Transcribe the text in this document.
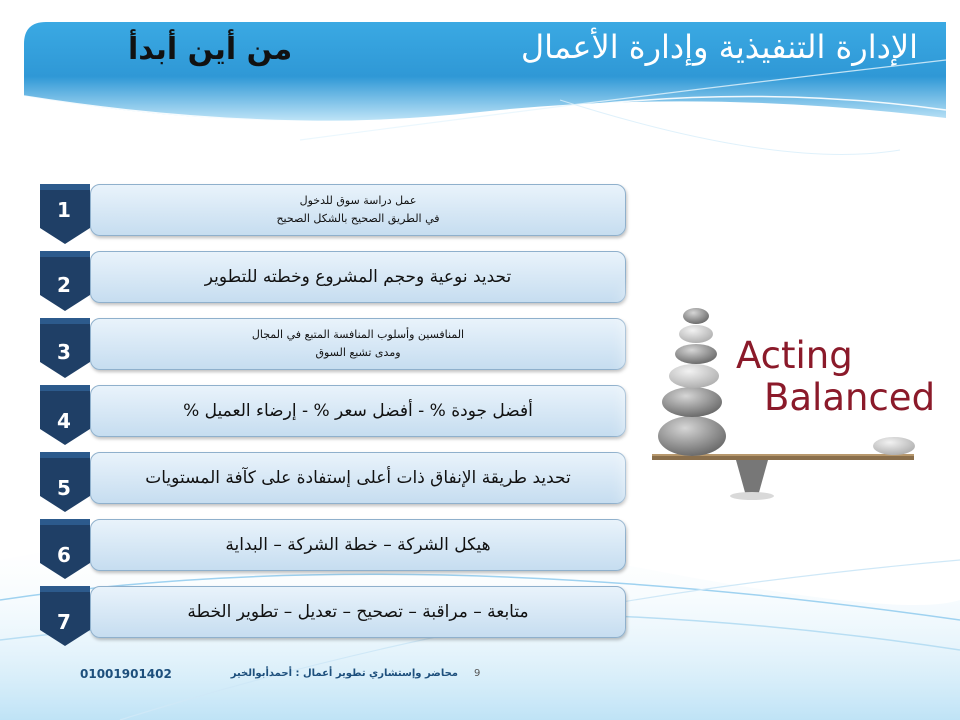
الإدارة التنفيذية وإدارة الأعمال
من أين أبدأ
عمل دراسة سوق للدخول
في الطريق الصحيح بالشكل الصحيح
1
تحديد نوعية وحجم المشروع وخطته للتطوير
2
المنافسين وأسلوب المنافسة المتبع في المجال
ومدى تشبع السوق
3
أفضل جودة % - أفضل سعر % - إرضاء العميل %
4
تحديد طريقة الإنفاق ذات أعلى إستفادة على كآفة المستويات
5
هيكل الشركة – خطة الشركة – البداية
6
متابعة – مراقبة – تصحيح – تعديل – تطوير الخطة
7
Acting
Balanced
01001901402	محاضر وإستشاري تطوير أعمال : أحمدأبوالخير 9
